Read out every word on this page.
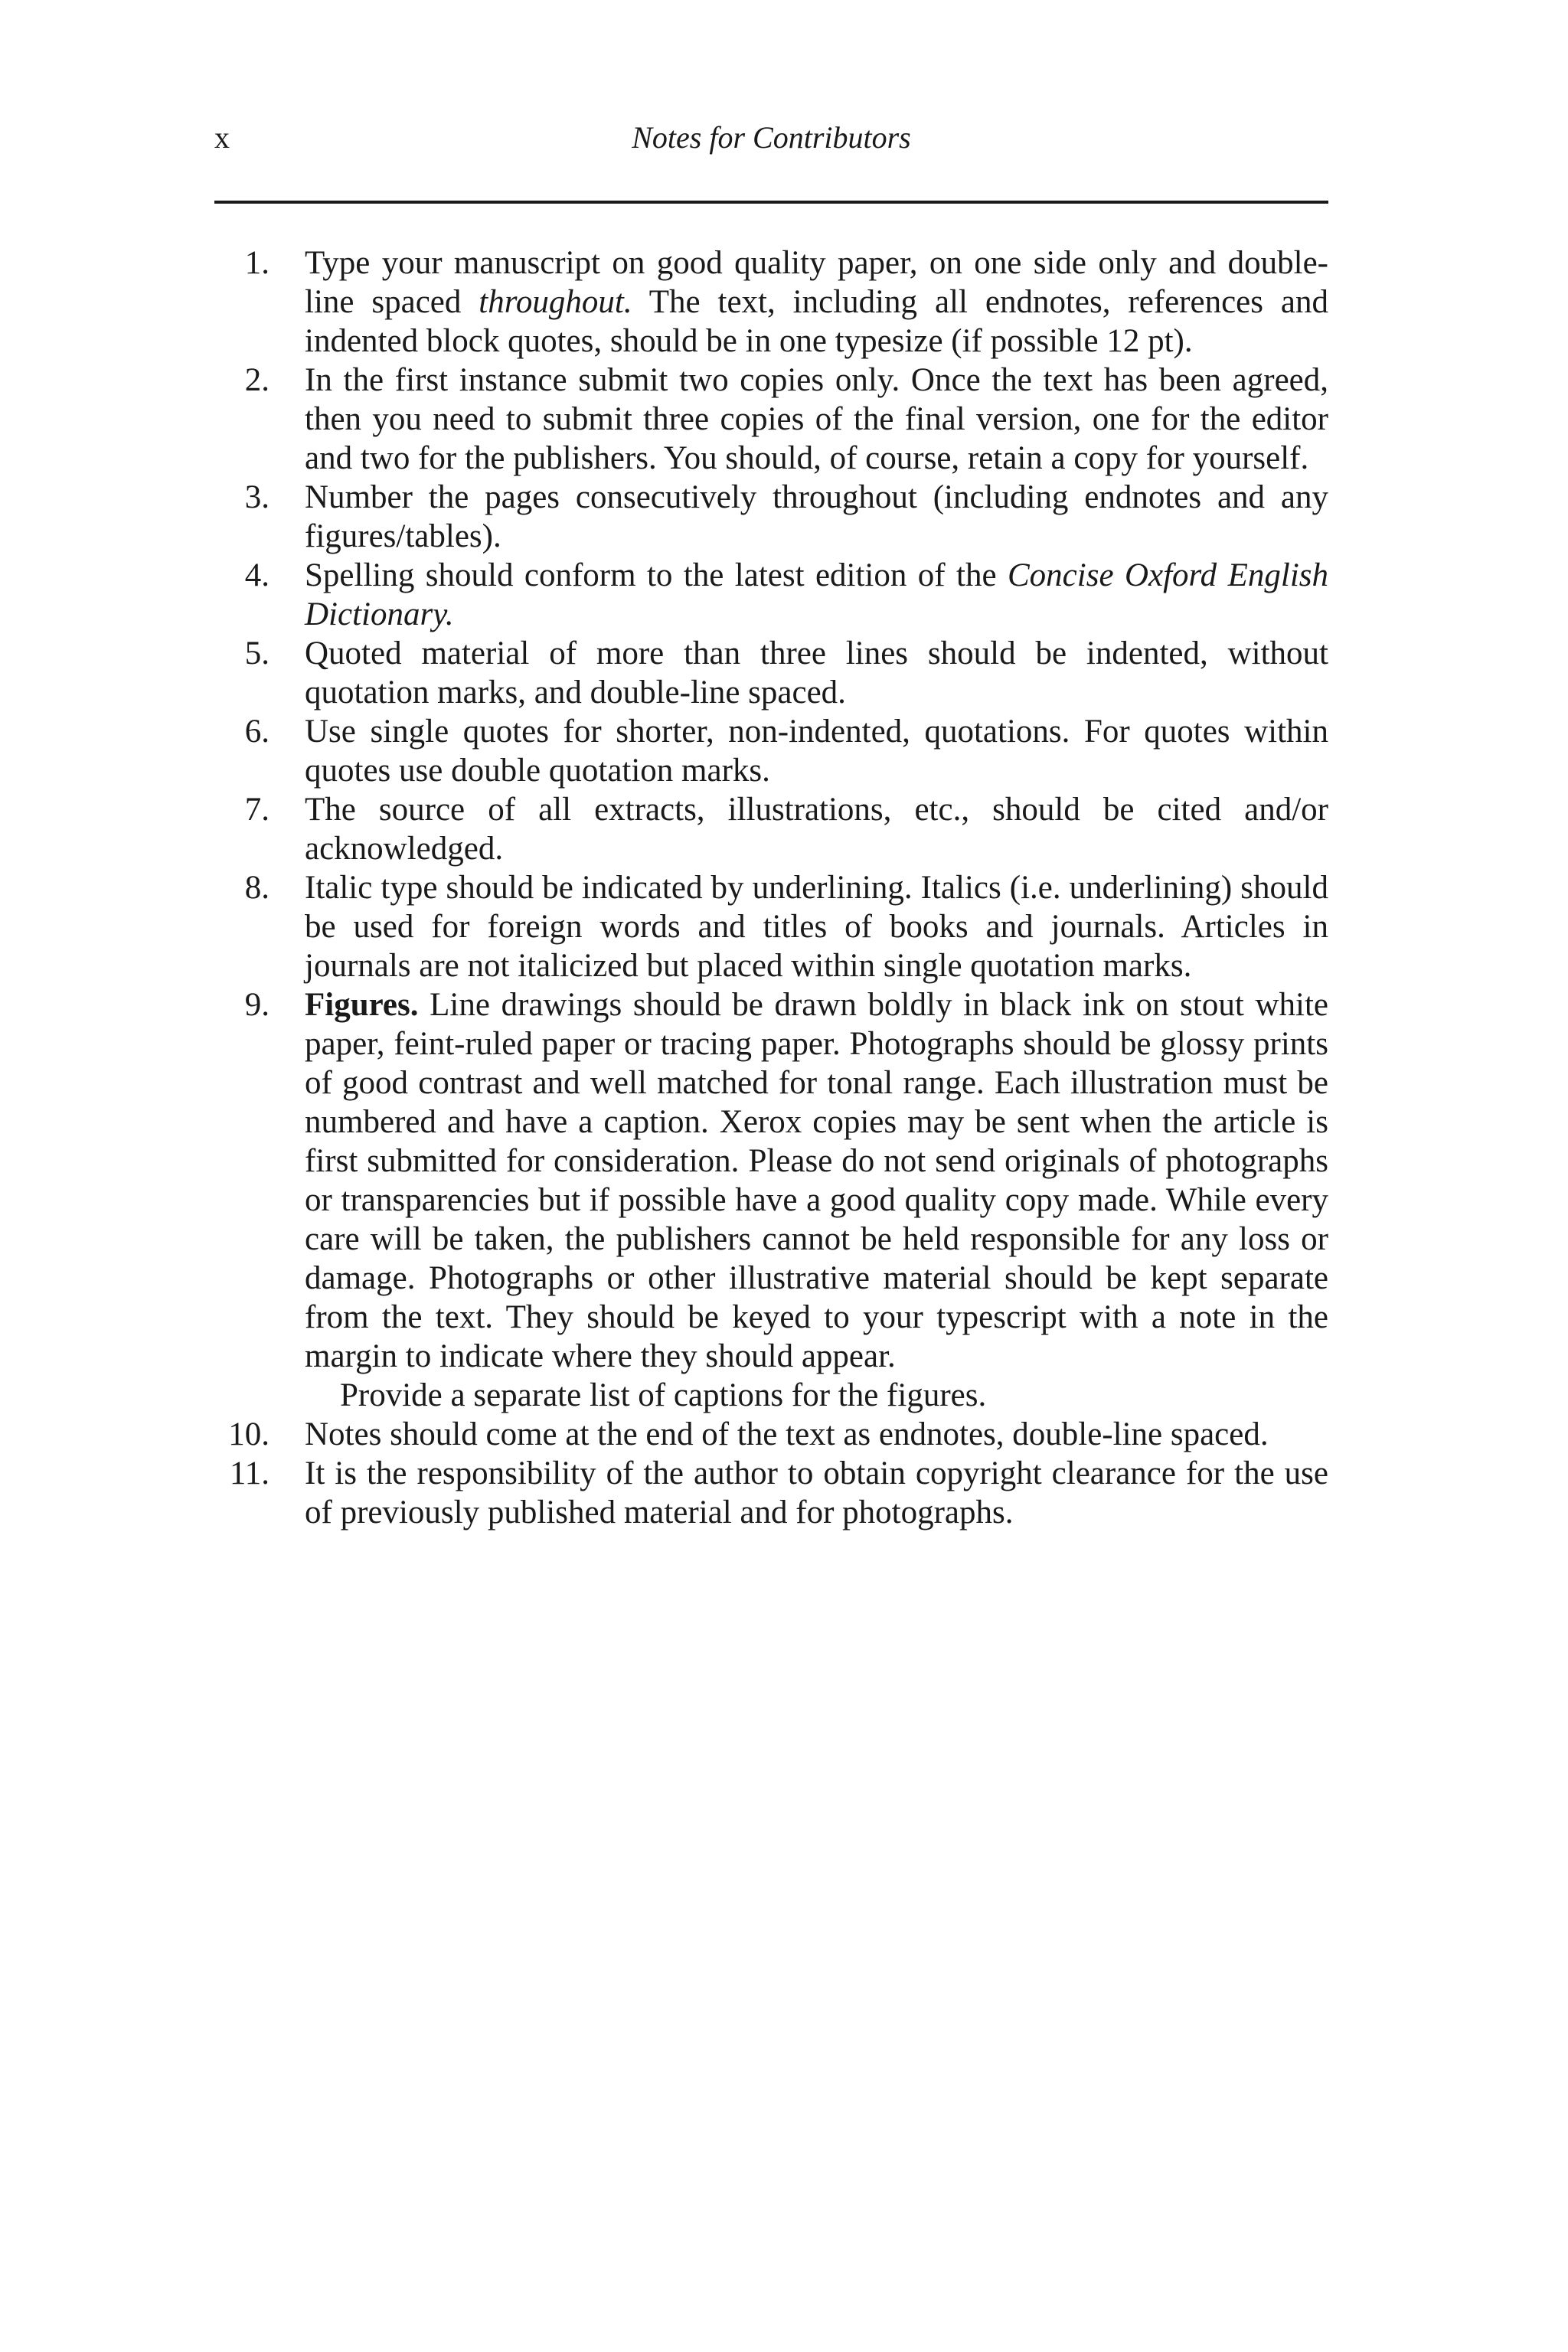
x	Notes for Contributors
1. Type your manuscript on good quality paper, on one side only and double-line spaced throughout. The text, including all endnotes, references and indented block quotes, should be in one typesize (if possible 12 pt).

2. In the first instance submit two copies only. Once the text has been agreed, then you need to submit three copies of the final version, one for the editor and two for the publishers. You should, of course, retain a copy for yourself.

3. Number the pages consecutively throughout (including endnotes and any figures/tables).

4. Spelling should conform to the latest edition of the Concise Oxford English Dictionary.

5. Quoted material of more than three lines should be indented, without quotation marks, and double-line spaced.

6. Use single quotes for shorter, non-indented, quotations. For quotes within quotes use double quotation marks.

7. The source of all extracts, illustrations, etc., should be cited and/or acknowledged.

8. Italic type should be indicated by underlining. Italics (i.e. underlining) should be used for foreign words and titles of books and journals. Articles in journals are not italicized but placed within single quotation marks.

9. Figures. Line drawings should be drawn boldly in black ink on stout white paper, feint-ruled paper or tracing paper. Photographs should be glossy prints of good contrast and well matched for tonal range. Each illustration must be numbered and have a caption. Xerox copies may be sent when the article is first submitted for consideration. Please do not send originals of photographs or transparencies but if possible have a good quality copy made. While every care will be taken, the publishers cannot be held responsible for any loss or damage. Photographs or other illustrative material should be kept separate from the text. They should be keyed to your typescript with a note in the margin to indicate where they should appear.

Provide a separate list of captions for the figures.

10. Notes should come at the end of the text as endnotes, double-line spaced.

11. It is the responsibility of the author to obtain copyright clearance for the use of previously published material and for photographs.
